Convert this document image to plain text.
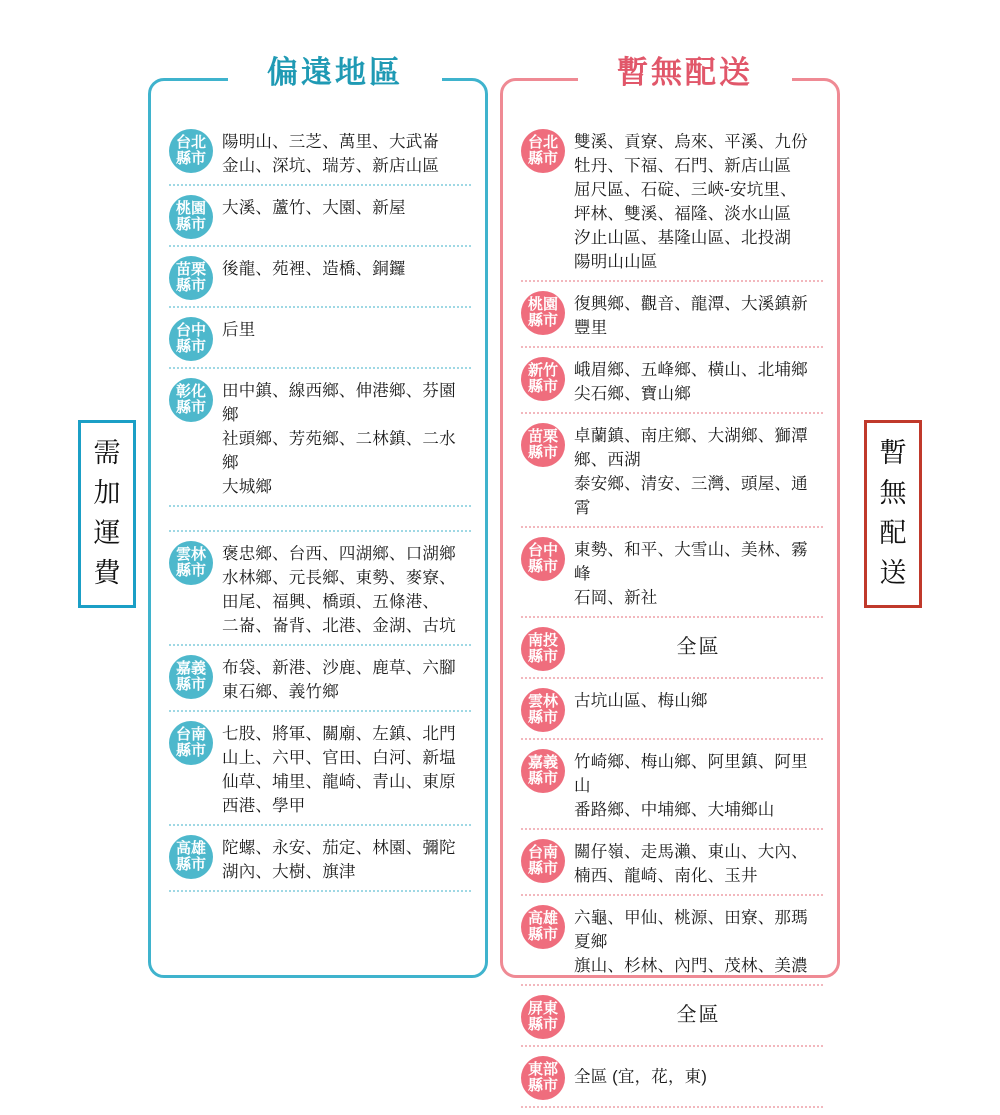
需
加
運
費
暫
無
配
送
台北
縣市
陽明山、三芝、萬里、大武崙
金山、深坑、瑞芳、新店山區
桃園
縣市
大溪、蘆竹、大園、新屋
苗栗
縣市
後龍、苑裡、造橋、銅鑼
台中
縣市
后里
彰化
縣市
田中鎮、線西鄉、伸港鄉、芬園鄉
社頭鄉、芳苑鄉、二林鎮、二水鄉
大城鄉
雲林
縣市
褒忠鄉、台西、四湖鄉、口湖鄉
水林鄉、元長鄉、東勢、麥寮、
田尾、福興、橋頭、五條港、
二崙、崙背、北港、金湖、古坑
嘉義
縣市
布袋、新港、沙鹿、鹿草、六腳
東石鄉、義竹鄉
台南
縣市
七股、將軍、關廟、左鎮、北門
山上、六甲、官田、白河、新塭
仙草、埔里、龍崎、青山、東原
西港、學甲
高雄
縣市
陀螺、永安、茄定、林園、彌陀
湖內、大樹、旗津
偏遠地區
台北
縣市
雙溪、貢寮、烏來、平溪、九份
牡丹、下福、石門、新店山區
屈尺區、石碇、三峽-安坑里、
坪林、雙溪、福隆、淡水山區
汐止山區、基隆山區、北投湖
陽明山山區
桃園
縣市
復興鄉、觀音、龍潭、大溪鎮新豐里
新竹
縣市
峨眉鄉、五峰鄉、橫山、北埔鄉
尖石鄉、寶山鄉
苗栗
縣市
卓蘭鎮、南庄鄉、大湖鄉、獅潭鄉、西湖
泰安鄉、清安、三灣、頭屋、通霄
台中
縣市
東勢、和平、大雪山、美林、霧峰
石岡、新社
南投
縣市	全區
雲林
縣市
古坑山區、梅山鄉
嘉義
縣市
竹崎鄉、梅山鄉、阿里鎮、阿里山
番路鄉、中埔鄉、大埔鄉山
台南
縣市
關仔嶺、走馬瀨、東山、大內、
楠西、龍崎、南化、玉井
高雄
縣市
六龜、甲仙、桃源、田寮、那瑪夏鄉
旗山、杉林、內門、茂林、美濃
屏東
縣市	全區
東部
縣市 全區 (宜，花，東)
暫無配送
